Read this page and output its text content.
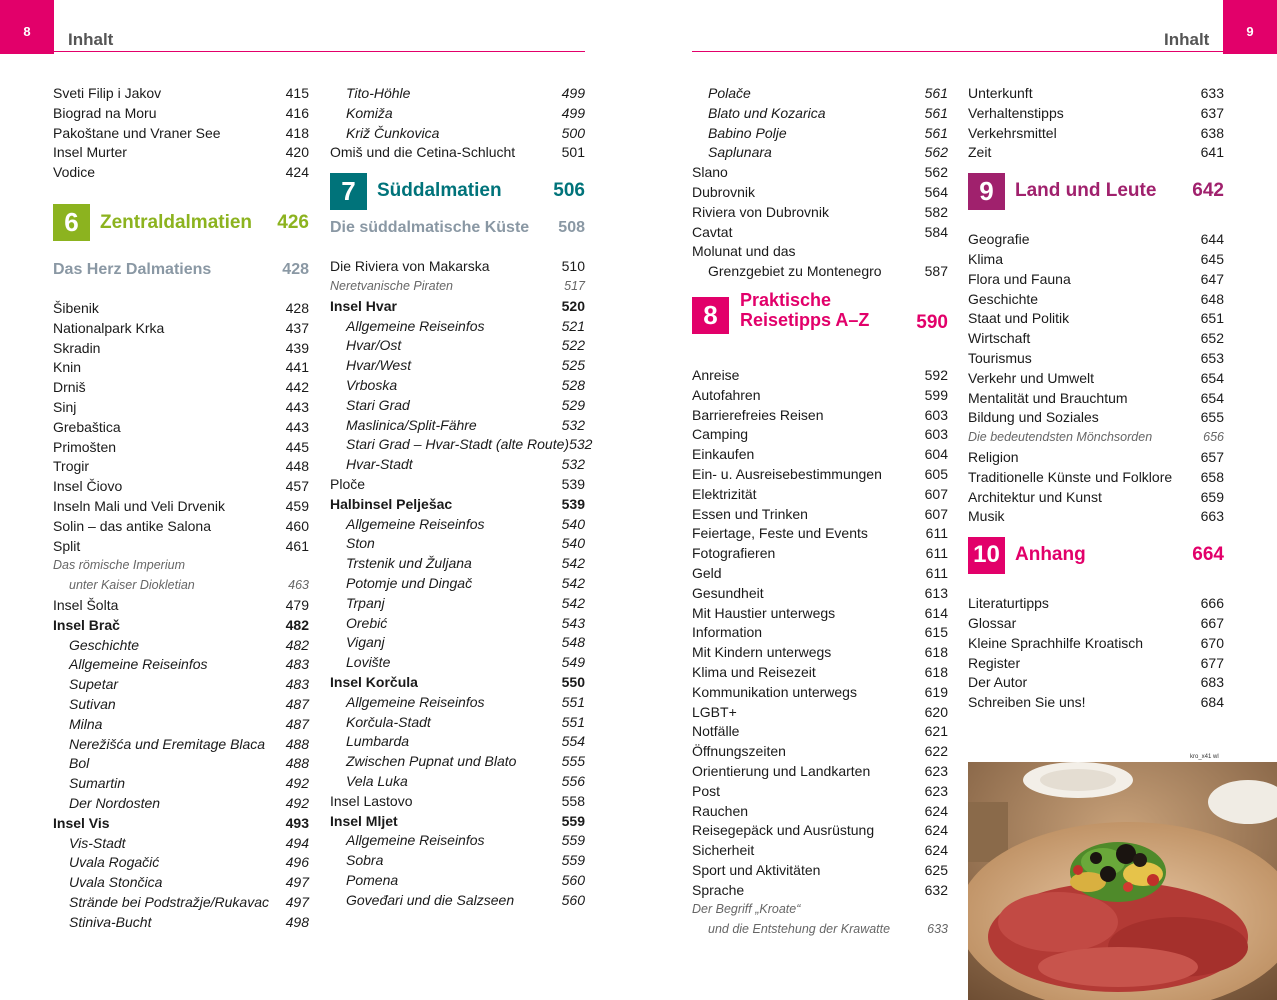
8	Inhalt	9
Inhalt
Sveti Filip i Jakov	415
Biograd na Moru	416
Pakoštane und Vraner See	418
Insel Murter	420
Vodice	424
6	Zentraldalmatien	426
Das Herz Dalmatiens	428
Šibenik	428
Nationalpark Krka	437
Skradin	439
Knin	441
Drniš	442
Sinj	443
Grebaštica	443
Primošten	445
Trogir	448
Insel Čiovo	457
Inseln Mali und Veli Drvenik	459
Solin – das antike Salona	460
Split	461
Das römische Imperium
unter Kaiser Diokletian	463
Insel Šolta	479
Insel Brač	482
Geschichte	482
Allgemeine Reiseinfos	483
Supetar	483
Sutivan	487
Milna	487
Nerežišća und Eremitage Blaca 488
Bol	488
Sumartin	492
Der Nordosten	492
Insel Vis	493
Vis-Stadt	494
Uvala Rogačić	496
Uvala Stončica	497
Strände bei Podstražje/Rukavac 497
Stiniva-Bucht	498
Tito-Höhle	499
Komiža	499
Križ Čunkovica	500
Omiš und die Cetina-Schlucht	501
7	Süddalmatien	506
Die süddalmatische Küste 508
Die Riviera von Makarska	510
Neretvanische Piraten	517
Insel Hvar	520
Allgemeine Reiseinfos	521
Hvar/Ost	522
Hvar/West	525
Vrboska	528
Stari Grad	529
Maslinica/Split-Fähre	532
Stari Grad – Hvar-Stadt (alte Route) 532
Hvar-Stadt	532
Ploče	539
Halbinsel Pelješac	539
Allgemeine Reiseinfos	540
Ston	540
Trstenik und Žuljana	542
Potomje und Dingač	542
Trpanj	542
Orebić	543
Viganj	548
Lovište	549
Insel Korčula	550
Allgemeine Reiseinfos	551
Korčula-Stadt	551
Lumbarda	554
Zwischen Pupnat und Blato	555
Vela Luka	556
Insel Lastovo	558
Insel Mljet	559
Allgemeine Reiseinfos	559
Sobra	559
Pomena	560
Goveđari und die Salzseen	560
Polače	561
Blato und Kozarica	561
Babino Polje	561
Saplunara	562
Slano	562
Dubrovnik	564
Riviera von Dubrovnik	582
Cavtat	584
Molunat und das
Grenzgebiet zu Montenegro	587
8	Praktische
Reisetipps A–Z	590
Anreise	592
Autofahren	599
Barrierefreies Reisen	603
Camping	603
Einkaufen	604
Ein- u. Ausreisebestimmungen	605
Elektrizität	607
Essen und Trinken	607
Feiertage, Feste und Events	611
Fotografieren	611
Geld	611
Gesundheit	613
Mit Haustier unterwegs	614
Information	615
Mit Kindern unterwegs	618
Klima und Reisezeit	618
Kommunikation unterwegs	619
LGBT+	620
Notfälle	621
Öffnungszeiten	622
Orientierung und Landkarten	623
Post	623
Rauchen	624
Reisegepäck und Ausrüstung	624
Sicherheit	624
Sport und Aktivitäten	625
Sprache	632
Der Begriff „Kroate“
und die Entstehung der Krawatte	633
Unterkunft	633
Verhaltenstipps	637
Verkehrsmittel	638
Zeit	641
9	Land und Leute	642
Geografie	644
Klima	645
Flora und Fauna	647
Geschichte	648
Staat und Politik	651
Wirtschaft	652
Tourismus	653
Verkehr und Umwelt	654
Mentalität und Brauchtum	654
Bildung und Soziales	655
Die bedeutendsten Mönchsorden	656
Religion	657
Traditionelle Künste und Folklore 658
Architektur und Kunst	659
Musik	663
10 Anhang	664
Literaturtipps	666
Glossar	667
Kleine Sprachhilfe Kroatisch	670
Register	677
Der Autor	683
Schreiben Sie uns!	684
kro_x41 wl
